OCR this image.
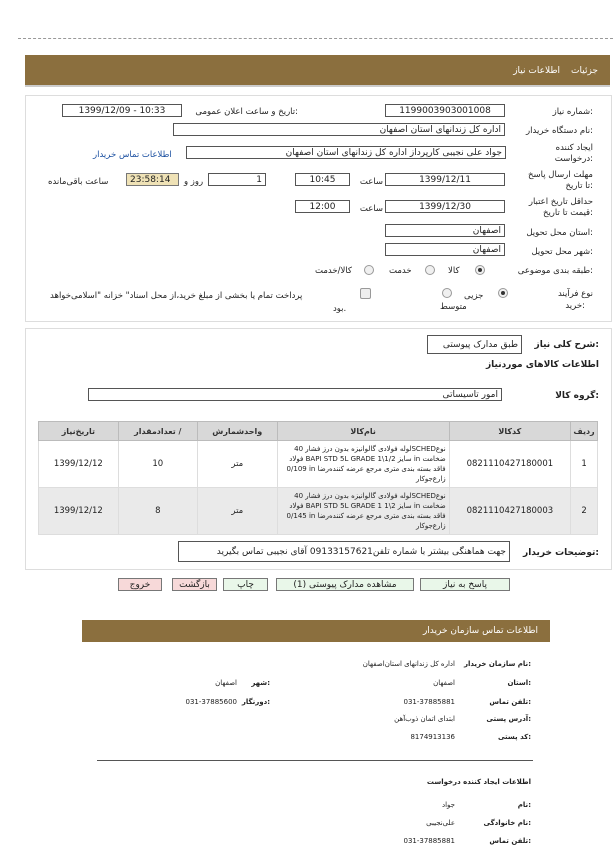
جزئیات
اطلاعات نیاز
شماره نیاز:
1199003903001008
تاریخ و ساعت اعلان عمومی:
1399/12/09 - 10:33
نام دستگاه خریدار:
اداره کل زندانهای استان اصفهان
ایجاد کننده
درخواست:
جواد علی نجیبی کارپرداز اداره کل زندانهای استان اصفهان
اطلاعات تماس خریدار
مهلت ارسال پاسخ
تا تاریخ:
1399/12/11
ساعت
10:45
1
روز و
23:58:14
ساعت باقی‌مانده
حداقل تاریخ اعتبار
قیمت تا تاریخ:
1399/12/30
ساعت
12:00
استان محل تحویل:
اصفهان
شهر محل تحویل:
اصفهان
طبقه بندی موضوعی:
کالا
خدمت
کالا/خدمت
نوع فرآیند
خرید:
جزیی
متوسط
پرداخت تمام یا بخشی از مبلغ خرید،از محل اسناد" خزانه "اسلامی‌خواهد
بود.
شرح کلی نیاز:
طبق مدارک پیوستی
اطلاعات کالاهای موردنیاز
گروه کالا:
امور تاسیساتی
تاریخ‌نیاز	تعدادمقدار /	واحدشمارش	نام‌کالا	کدکالا	ردیف
1399/12/12	10	متر	لوله فولادی گالوانیزه بدون درز فشار 40SCHEDنوع
فولاد BAPI STD 5L GRADE سایز 1/2\1 in ضخامت
0/109 in فاقد بسته بندی متری مرجع عرضه کننده‌رضا
زارع‌جوکار	0821110427180001	1
1399/12/12	8	متر	لوله فولادی گالوانیزه بدون درز فشار 40SCHEDنوع
فولاد BAPI STD 5L GRADE سایز 2\1 1 in ضخامت
0/145 in فاقد بسته بندی متری مرجع عرضه کننده‌رضا
زارع‌جوکار	0821110427180003	2
توضیحات خریدار:
جهت هماهنگی بیشتر با شماره تلفن09133157621 آقای نجیبی تماس بگیرید
پاسخ به نیاز
مشاهده مدارک پیوستی (1)
چاپ
بازگشت
خروج
اطلاعات تماس سازمان خریدار
نام سازمان خریدار:
اداره کل زندانهای استان‌اصفهان
استان:
اصفهان
شهر:
اصفهان
تلفن تماس:
031-37885881
دورنگار:
031-37885600
آدرس پستی:
ابتدای اتمان ذوب‌آهن
کد پستی:
8174913136
اطلاعات ایجاد کننده درخواست
نام:
جواد
نام خانوادگی:
علی‌نجیبی
تلفن تماس:
031-37885881
